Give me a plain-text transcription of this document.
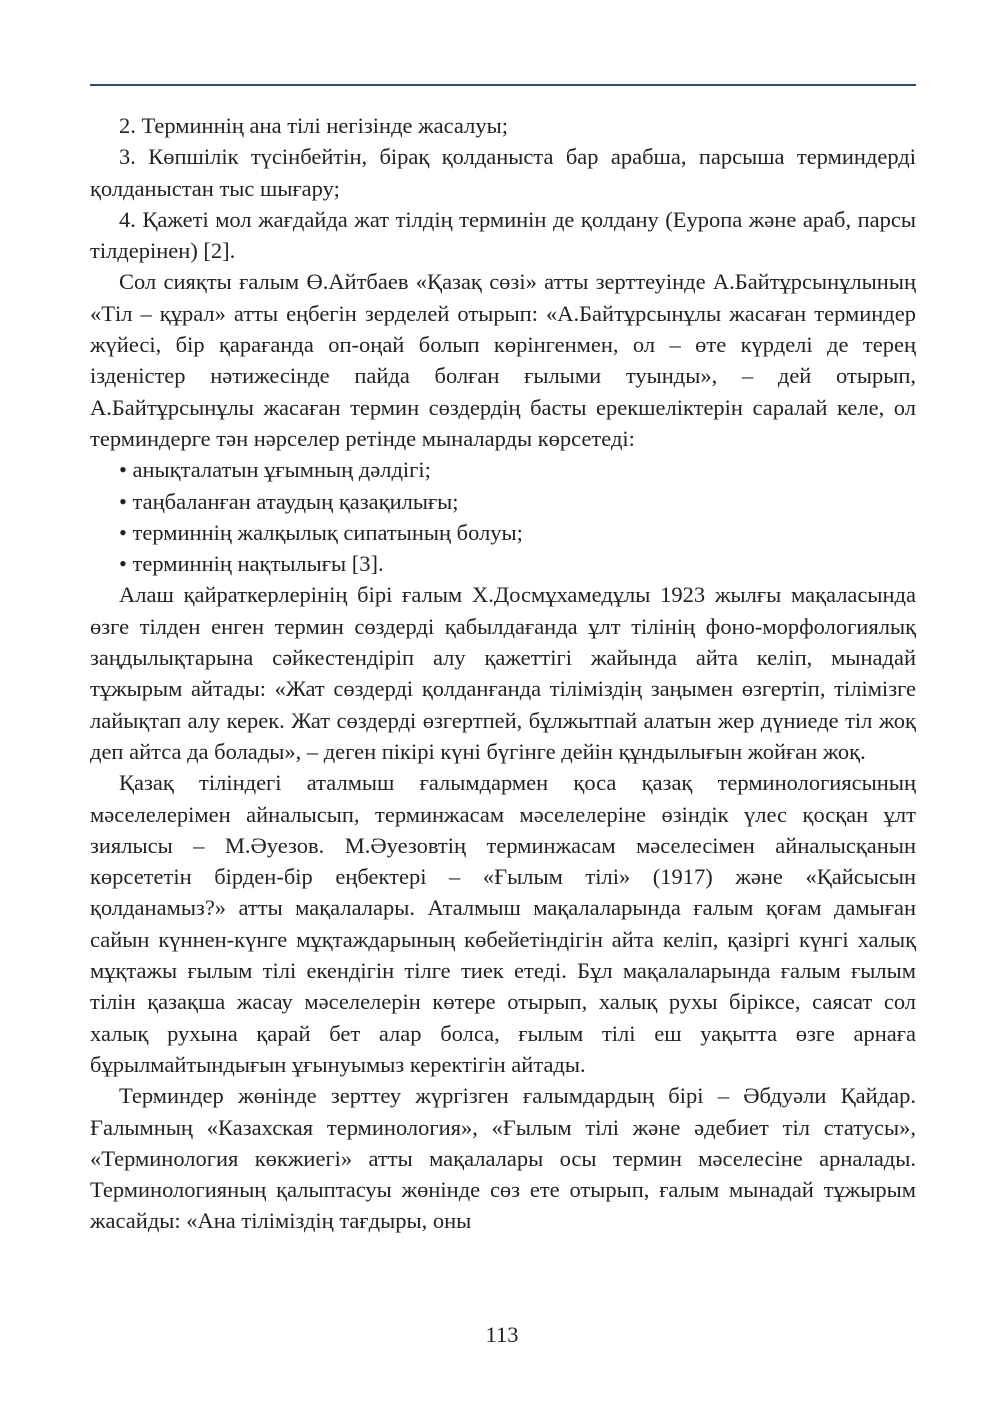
2. Терминнің ана тілі негізінде жасалуы;

3. Көпшілік түсінбейтін, бірақ қолданыста бар арабша, парсыша терминдерді қолданыстан тыс шығару;

4. Қажеті мол жағдайда жат тілдің терминін де қолдану (Еуропа және араб, парсы тілдерінен) [2].

Сол сияқты ғалым Ө.Айтбаев «Қазақ сөзі» атты зерттеуінде А.Байтұрсынұлының «Тіл – құрал» атты еңбегін зерделей отырып: «А.Байтұрсынұлы жасаған терминдер жүйесі, бір қарағанда оп-оңай болып көрінгенмен, ол – өте күрделі де терең ізденістер нәтижесінде пайда болған ғылыми туынды», – дей отырып, А.Байтұрсынұлы жасаған термин сөздердің басты ерекшеліктерін саралай келе, ол терминдерге тән нәрселер ретінде мыналарды көрсетеді:

• анықталатын ұғымның дәлдігі;
• таңбаланған атаудың қазақилығы;
• терминнің жалқылық сипатының болуы;
• терминнің нақтылығы [3].

Алаш қайраткерлерінің бірі ғалым Х.Досмұхамедұлы 1923 жылғы мақаласында өзге тілден енген термин сөздерді қабылдағанда ұлт тілінің фоно-морфологиялық заңдылықтарына сәйкестендіріп алу қажеттігі жайында айта келіп, мынадай тұжырым айтады: «Жат сөздерді қолданғанда тіліміздің заңымен өзгертіп, тілімізге лайықтап алу керек. Жат сөздерді өзгертпей, бұлжытпай алатын жер дүниеде тіл жоқ деп айтса да болады», – деген пікірі күні бүгінге дейін құндылығын жойған жоқ.

Қазақ тіліндегі аталмыш ғалымдармен қоса қазақ терминологиясының мәселелерімен айналысып, терминжасам мәселелеріне өзіндік үлес қосқан ұлт зиялысы – М.Әуезов. М.Әуезовтің терминжасам мәселесімен айналысқанын көрсететін бірден-бір еңбектері – «Ғылым тілі» (1917) және «Қайсысын қолданамыз?» атты мақалалары. Аталмыш мақалаларында ғалым қоғам дамыған сайын күннен-күнге мұқтаждарының көбейетіндігін айта келіп, қазіргі күнгі халық мұқтажы ғылым тілі екендігін тілге тиек етеді. Бұл мақалаларында ғалым ғылым тілін қазақша жасау мәселелерін көтере отырып, халық рухы біріксе, саясат сол халық рухына қарай бет алар болса, ғылым тілі еш уақытта өзге арнаға бұрылмайтындығын ұғынуымыз керектігін айтады.

Терминдер жөнінде зерттеу жүргізген ғалымдардың бірі – Әбдуәли Қайдар. Ғалымның «Казахская терминология», «Ғылым тілі және әдебиет тіл статусы», «Терминология көкжиегі» атты мақалалары осы термин мәселесіне арналады. Терминологияның қалыптасуы жөнінде сөз ете отырып, ғалым мынадай тұжырым жасайды: «Ана тіліміздің тағдыры, оны

113
